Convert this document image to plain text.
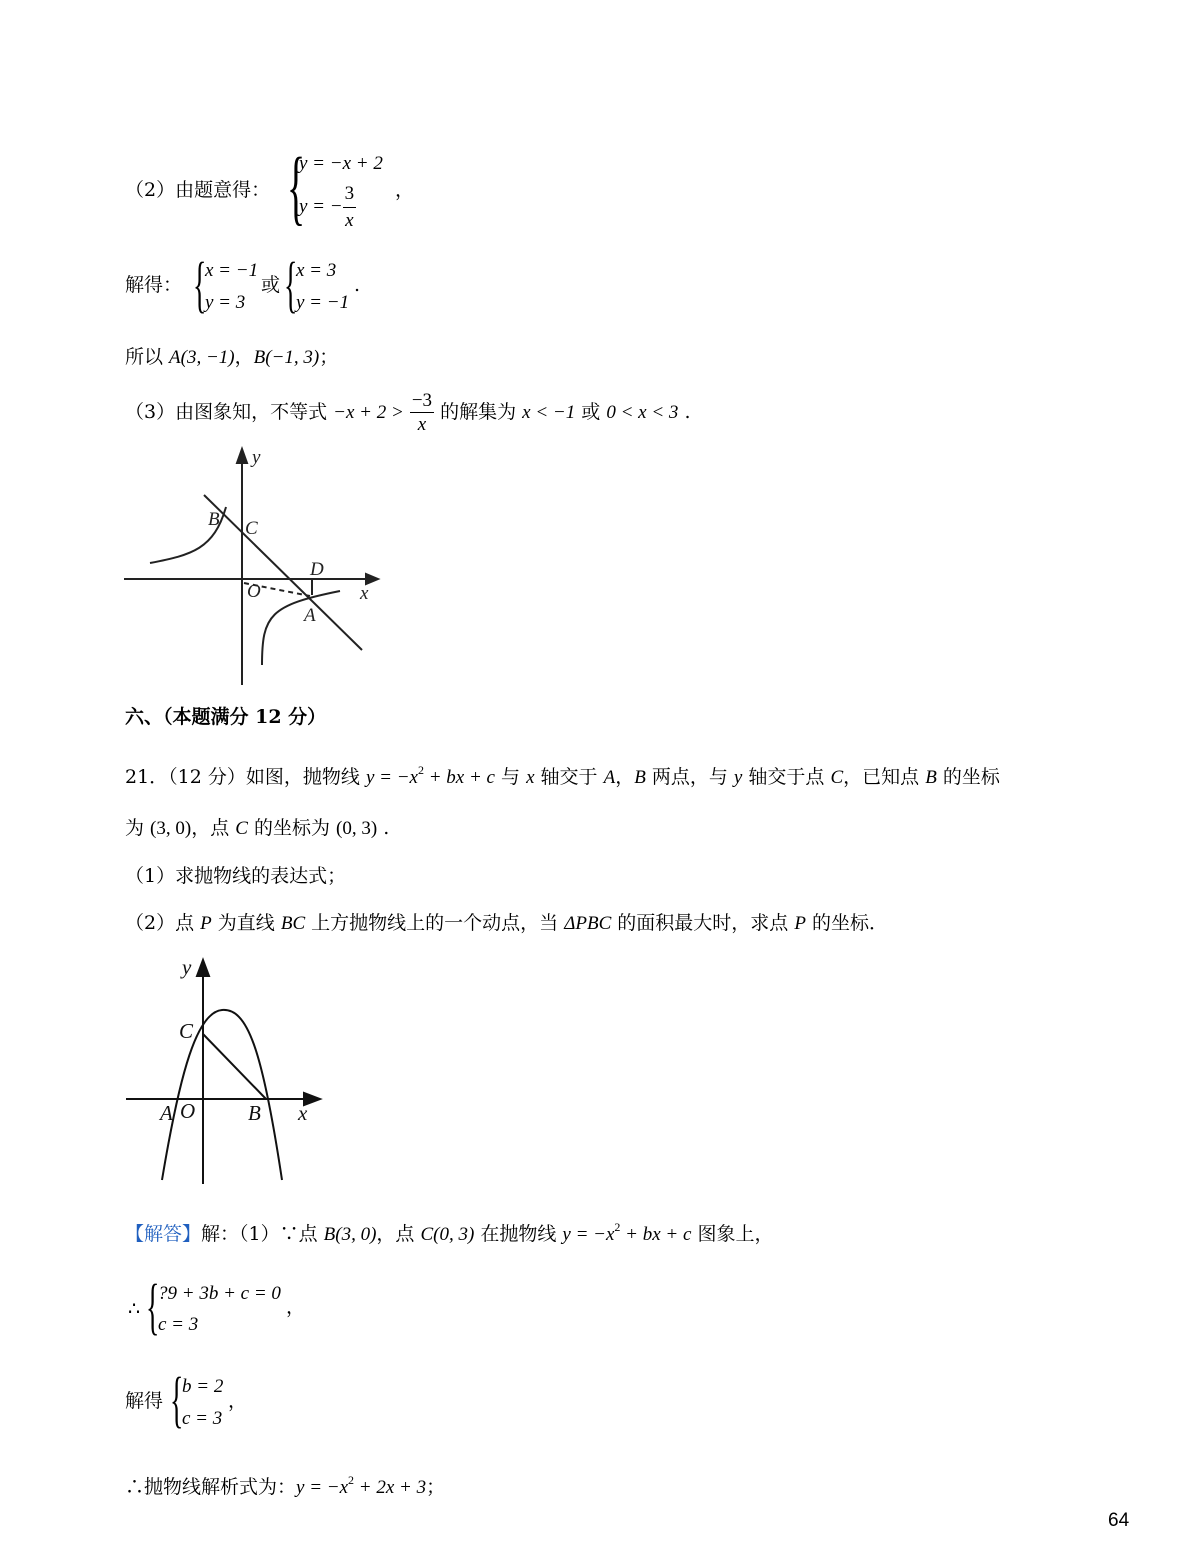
（2）由题意得： {
y = −x + 2
y = − $\frac{3}{x}$ ，
解得： {
x = −1
y = 3
或 {
x = 3
y = −1
.
所以 A(3, −1)，B(−1, 3)；
（3）由图象知，不等式 $-x + 2 > \frac{-3}{x}$ 的解集为 x < −1 或 0 < x < 3 .
y
x
B C
D
O
A
六、（本题满分 12 分）
21．（12 分）如图，抛物线 $y = -x^2$ + bx + c 与 x 轴交于 A，B 两点，与 y 轴交于点 C，已知点 B 的坐标
为 (3, 0)，点 C 的坐标为 (0, 3) .
（1）求抛物线的表达式；
（2）点 P 为直线 BC 上方抛物线上的一个动点，当 ΔPBC 的面积最大时，求点 P 的坐标．
y
C
A O	B x
【解答】解：（1）∵点 B(3, 0)，点 C(0, 3) 在抛物线 $y = -x^2$ + bx + c 图象上，
∴ {
?9 + 3b + c = 0
c = 3
，
解得 {
b = 2
c = 3
，
∴抛物线解析式为：$y = -x^2 + 2x + 3$；
64
